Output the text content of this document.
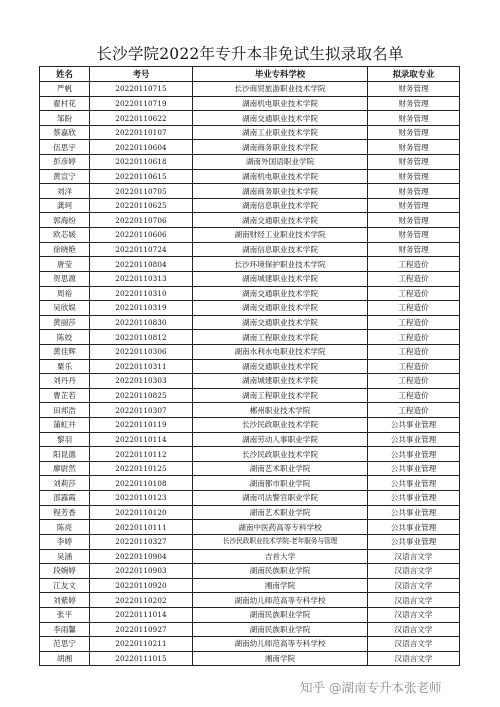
长沙学院2022年专升本非免试生拟录取名单
姓名	考号	毕业专科学校	拟录取专业
严帆	20220110715	长沙商贸旅游职业技术学院	财务管理
翟村花	20220110719	湖南机电职业技术学院	财务管理
邹盼	20220110622	湖南交通职业技术学院	财务管理
蔡嘉欣	20220110107	湖南工业职业技术学院	财务管理
伍思宇	20220110604	湖南商务职业技术学院	财务管理
彭彦婷	20220110618	湖南外国语职业学院	财务管理
黄宣宁	20220110615	湖南机电职业技术学院	财务管理
刘洋	20220110705	湖南商务职业技术学院	财务管理
龚珂	20220110625	湖南信息职业技术学院	财务管理
郭海纷	20220110706	湖南交通职业技术学院	财务管理
欧芯媛	20220110606	湖南财经工业职业技术学院	财务管理
徐晓艳	20220110724	湖南信息职业技术学院	财务管理
唐莹	20220110804	长沙环境保护职业技术学院	工程造价
贺思源	20220110313	湖南城建职业技术学院	工程造价
周裕	20220110310	湖南交通职业技术学院	工程造价
吴欣娱	20220110319	湖南交通职业技术学院	工程造价
黄丽莎	20220110830	湖南交通职业技术学院	工程造价
陈姣	20220110812	湖南工程职业技术学院	工程造价
黄佳辉	20220110306	湖南水利水电职业技术学院	工程造价
粟乐	20220110311	湖南交通职业技术学院	工程造价
刘丹丹	20220110303	湖南城建职业技术学院	工程造价
曹芷若	20220110825	湖南工程职业技术学院	工程造价
田邦浩	20220110307	郴州职业技术学院	工程造价
蒲虹井	20220110119	长沙民政职业技术学院	公共事业管理
黎羽	20220110114	湖南劳动人事职业学院	公共事业管理
阳昆德	20220110112	长沙民政职业技术学院	公共事业管理
廖尉然	20220110125	湖南艺术职业学院	公共事业管理
刘莉莎	20220110108	湖南都市职业学院	公共事业管理
邵露霞	20220110123	湖南司法警官职业学院	公共事业管理
程芳香	20220110120	湖南艺术职业学院	公共事业管理
陈亮	20220110111	湖南中医药高等专科学校	公共事业管理
李婷	20220110327	长沙民政职业技术学院-老年服务与管理	公共事业管理
吴涵	20220110904	吉首大学	汉语言文学
段婉婷	20220110903	湖南民族职业学院	汉语言文学
江友文	20220110920	湘南学院	汉语言文学
刘紫婷	20220110202	湖南幼儿师范高等专科学校	汉语言文学
张平	20220111014	湖南民族职业学院	汉语言文学
李雨馨	20220110927	湖南民族职业学院	汉语言文学
范思宁	20220110211	湖南幼儿师范高等专科学校	汉语言文学
胡湘	20220111015	湘南学院	汉语言文学
知乎 @湖南专升本张老师
